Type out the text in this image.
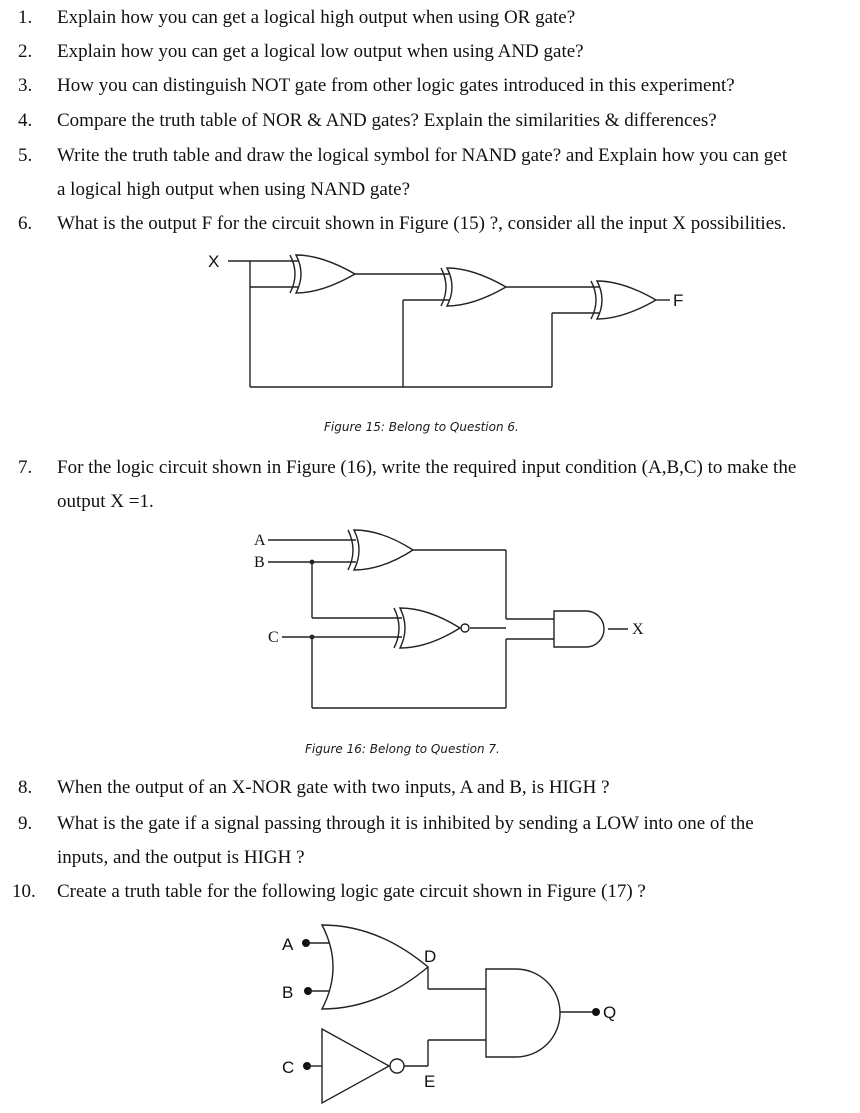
1. Explain how you can get a logical high output when using OR gate?
2. Explain how you can get a logical low output when using AND gate?
3. How you can distinguish NOT gate from other logic gates introduced in this experiment?
4. Compare the truth table of NOR & AND gates? Explain the similarities & differences?
5. Write the truth table and draw the logical symbol for NAND gate? and Explain how you can get
a logical high output when using NAND gate?
6. What is the output F for the circuit shown in Figure (15) ?, consider all the input X possibilities.
7. For the logic circuit shown in Figure (16), write the required input condition (A,B,C) to make the
output X =1.
8. When the output of an X-NOR gate with two inputs, A and B, is HIGH ?
9. What is the gate if a signal passing through it is inhibited by sending a LOW into one of the
inputs, and the output is HIGH ?
10. Create a truth table for the following logic gate circuit shown in Figure (17) ?
Figure 15: Belong to Question 6.
Figure 16: Belong to Question 7.
X
F
A
B
C	X
A
B
C
D
E
Q
